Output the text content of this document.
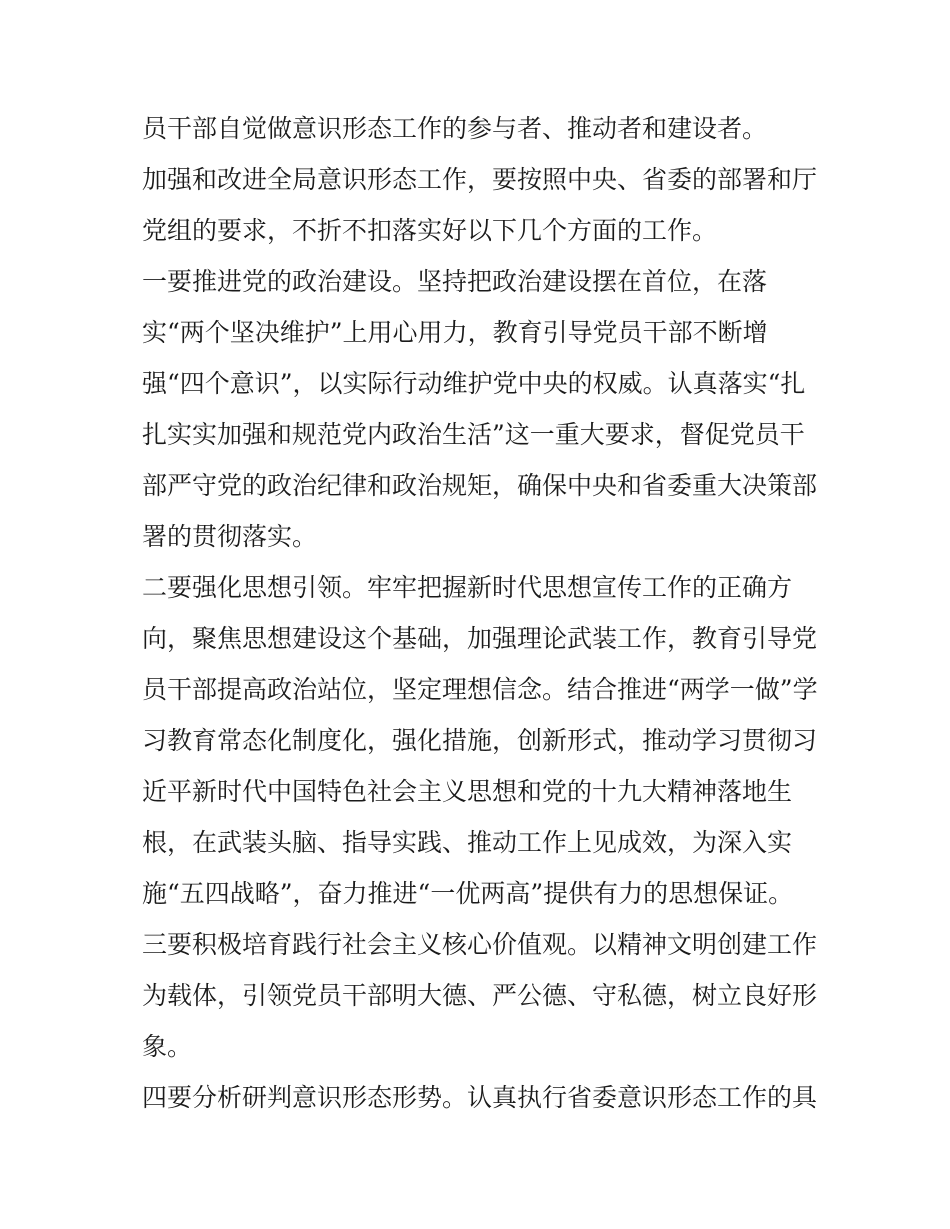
员干部自觉做意识形态工作的参与者、推动者和建设者。
加强和改进全局意识形态工作，要按照中央、省委的部署和厅
党组的要求，不折不扣落实好以下几个方面的工作。
一要推进党的政治建设。坚持把政治建设摆在首位，在落
实“两个坚决维护”上用心用力，教育引导党员干部不断增
强“四个意识”，以实际行动维护党中央的权威。认真落实“扎
扎实实加强和规范党内政治生活”这一重大要求，督促党员干
部严守党的政治纪律和政治规矩，确保中央和省委重大决策部
署的贯彻落实。
二要强化思想引领。牢牢把握新时代思想宣传工作的正确方
向，聚焦思想建设这个基础，加强理论武装工作，教育引导党
员干部提高政治站位，坚定理想信念。结合推进“两学一做”学
习教育常态化制度化，强化措施，创新形式，推动学习贯彻习
近平新时代中国特色社会主义思想和党的十九大精神落地生
根，在武装头脑、指导实践、推动工作上见成效，为深入实
施“五四战略”，奋力推进“一优两高”提供有力的思想保证。
三要积极培育践行社会主义核心价值观。以精神文明创建工作
为载体，引领党员干部明大德、严公德、守私德，树立良好形
象。
四要分析研判意识形态形势。认真执行省委意识形态工作的具
